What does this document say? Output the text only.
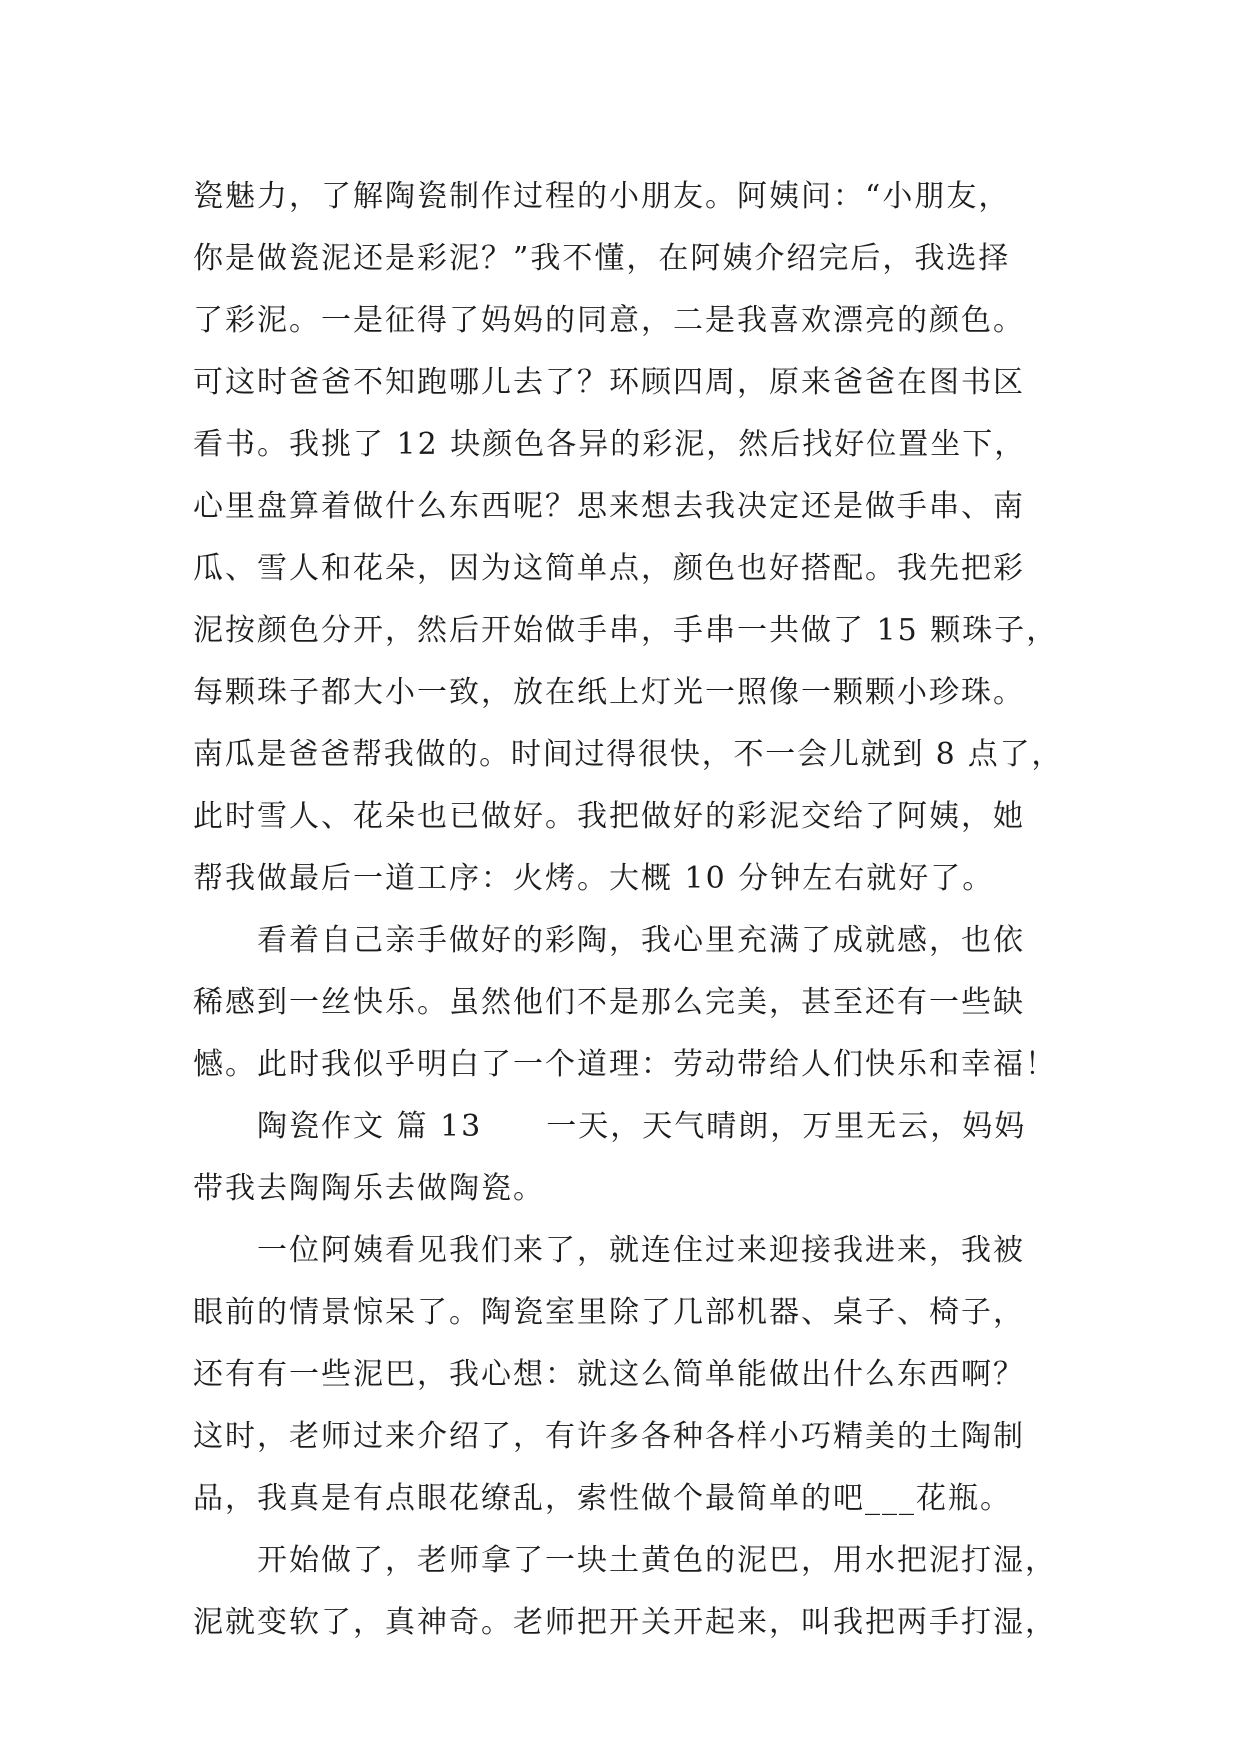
瓷魅力，了解陶瓷制作过程的小朋友。阿姨问：“小朋友，
你是做瓷泥还是彩泥？”我不懂，在阿姨介绍完后，我选择
了彩泥。一是征得了妈妈的同意，二是我喜欢漂亮的颜色。
可这时爸爸不知跑哪儿去了？环顾四周，原来爸爸在图书区
看书。我挑了 12 块颜色各异的彩泥，然后找好位置坐下，
心里盘算着做什么东西呢？思来想去我决定还是做手串、南
瓜、雪人和花朵，因为这简单点，颜色也好搭配。我先把彩
泥按颜色分开，然后开始做手串，手串一共做了 15 颗珠子，
每颗珠子都大小一致，放在纸上灯光一照像一颗颗小珍珠。
南瓜是爸爸帮我做的。时间过得很快，不一会儿就到 8 点了，
此时雪人、花朵也已做好。我把做好的彩泥交给了阿姨，她
帮我做最后一道工序：火烤。大概 10 分钟左右就好了。
　　看着自己亲手做好的彩陶，我心里充满了成就感，也依
稀感到一丝快乐。虽然他们不是那么完美，甚至还有一些缺
憾。此时我似乎明白了一个道理：劳动带给人们快乐和幸福！
　　陶瓷作文 篇 13　　一天，天气晴朗，万里无云，妈妈
带我去陶陶乐去做陶瓷。
　　一位阿姨看见我们来了，就连住过来迎接我进来，我被
眼前的情景惊呆了。陶瓷室里除了几部机器、桌子、椅子，
还有有一些泥巴，我心想：就这么简单能做出什么东西啊？
这时，老师过来介绍了，有许多各种各样小巧精美的土陶制
品，我真是有点眼花缭乱，索性做个最简单的吧___花瓶。
　　开始做了，老师拿了一块土黄色的泥巴，用水把泥打湿，
泥就变软了，真神奇。老师把开关开起来，叫我把两手打湿，
